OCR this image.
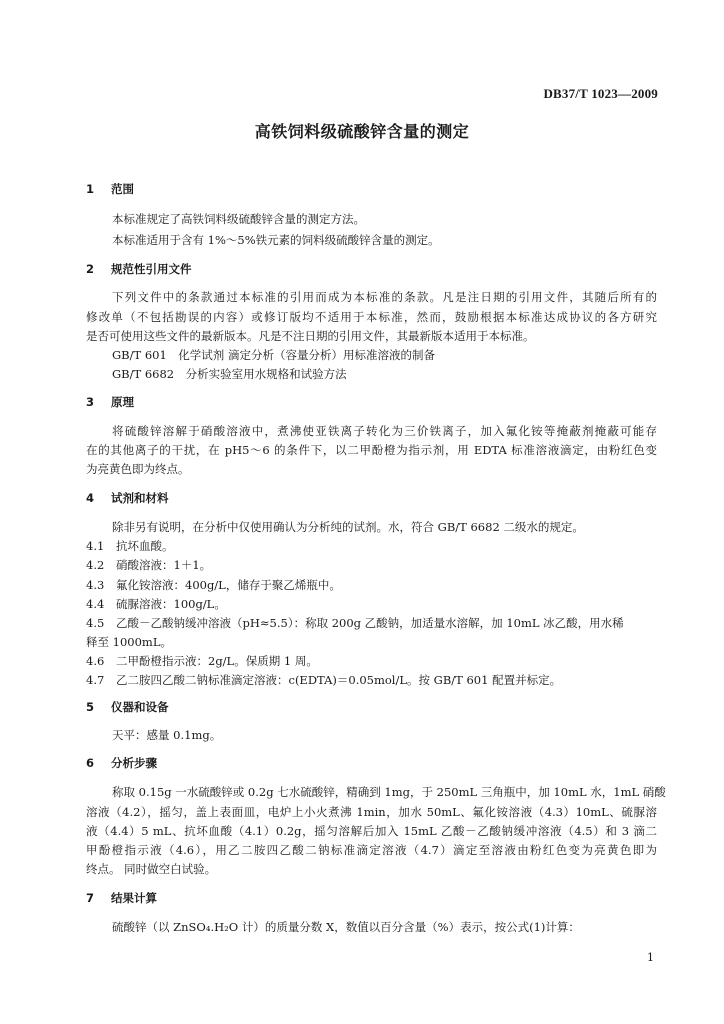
DB37/T 1023—2009
高铁饲料级硫酸锌含量的测定
1 范围
本标准规定了高铁饲料级硫酸锌含量的测定方法。
本标准适用于含有 1%～5%铁元素的饲料级硫酸锌含量的测定。
2 规范性引用文件
下列文件中的条款通过本标准的引用而成为本标准的条款。凡是注日期的引用文件，其随后所有的
修改单（不包括勘误的内容）或修订版均不适用于本标准，然而，鼓励根据本标准达成协议的各方研究
是否可使用这些文件的最新版本。凡是不注日期的引用文件，其最新版本适用于本标准。
GB/T 601　化学试剂 滴定分析（容量分析）用标准溶液的制备
GB/T 6682　分析实验室用水规格和试验方法
3 原理
将硫酸锌溶解于硝酸溶液中，煮沸使亚铁离子转化为三价铁离子，加入氟化铵等掩蔽剂掩蔽可能存
在的其他离子的干扰，在 pH5～6 的条件下，以二甲酚橙为指示剂，用 EDTA 标准溶液滴定，由粉红色变
为亮黄色即为终点。
4 试剂和材料
除非另有说明，在分析中仅使用确认为分析纯的试剂。水，符合 GB/T 6682 二级水的规定。
4.1 抗坏血酸。
4.2 硝酸溶液：1＋1。
4.3 氟化铵溶液：400g/L，储存于聚乙烯瓶中。
4.4 硫脲溶液：100g/L。
4.5 乙酸－乙酸钠缓冲溶液（pH≈5.5）：称取 200g 乙酸钠，加适量水溶解，加 10mL 冰乙酸，用水稀
释至 1000mL。
4.6 二甲酚橙指示液：2g/L。保质期 1 周。
4.7 乙二胺四乙酸二钠标准滴定溶液：c(EDTA)＝0.05mol/L。按 GB/T 601 配置并标定。
5 仪器和设备
天平：感量 0.1mg。
6 分析步骤
称取 0.15g 一水硫酸锌或 0.2g 七水硫酸锌，精确到 1mg，于 250mL 三角瓶中，加 10mL 水，1mL 硝酸
溶液（4.2），摇匀，盖上表面皿，电炉上小火煮沸 1min，加水 50mL、氟化铵溶液（4.3）10mL、硫脲溶
液（4.4）5 mL、抗坏血酸（4.1）0.2g，摇匀溶解后加入 15mL 乙酸－乙酸钠缓冲溶液（4.5）和 3 滴二
甲酚橙指示液（4.6），用乙二胺四乙酸二钠标准滴定溶液（4.7）滴定至溶液由粉红色变为亮黄色即为
终点。 同时做空白试验。
7 结果计算
硫酸锌（以 ZnSO₄.H₂O 计）的质量分数 X，数值以百分含量（%）表示，按公式(1)计算：
1
